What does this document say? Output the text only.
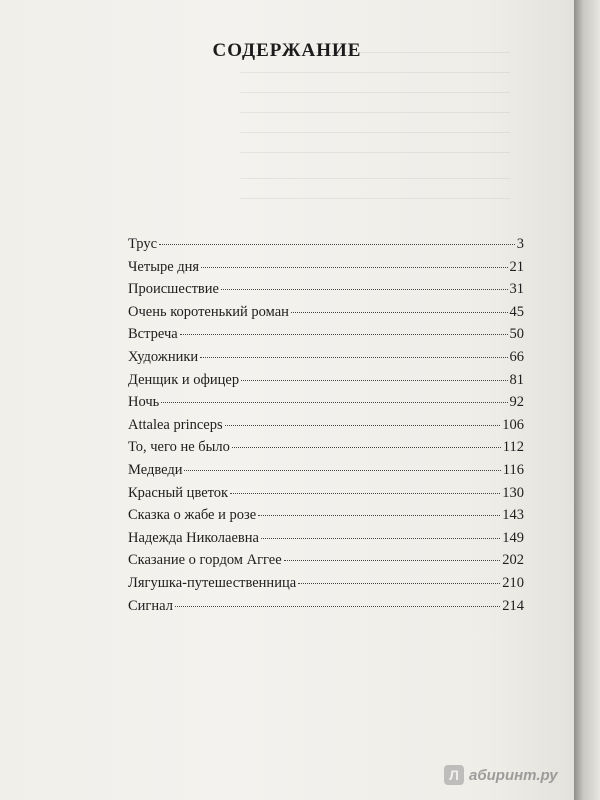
СОДЕРЖАНИЕ
Трус	3
Четыре дня	21
Происшествие	31
Очень коротенький роман	45
Встреча	50
Художники	66
Денщик и офицер	81
Ночь	92
Attalea princeps	106
То, чего не было	112
Медведи	116
Красный цветок	130
Сказка о жабе и розе	143
Надежда Николаевна	149
Сказание о гордом Аггее	202
Лягушка-путешественница	210
Сигнал	214
Л абиринт.ру
